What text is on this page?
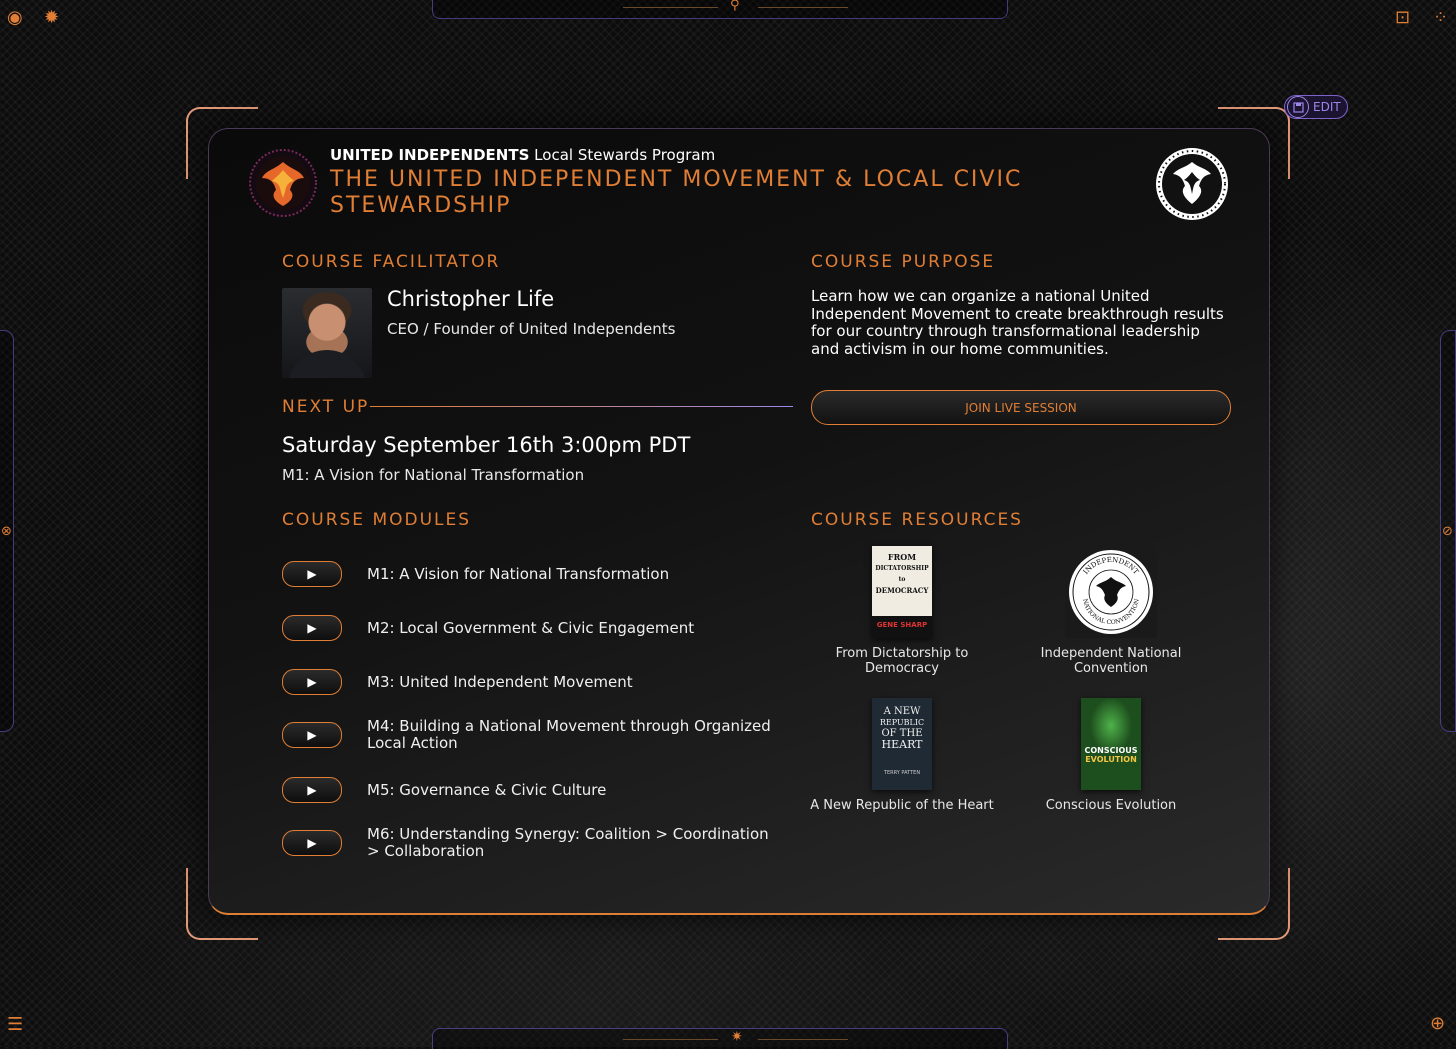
◉ ✹	⊡ ⁘
☰	⊕
⚲
✷
⊗	⊘
EDIT
UNITED INDEPENDENTS Local Stewards Program
THE UNITED INDEPENDENT MOVEMENT & LOCAL CIVIC STEWARDSHIP
COURSE FACILITATOR
Christopher Life
CEO / Founder of United Independents
NEXT UP
Saturday September 16th 3:00pm PDT
M1: A Vision for National Transformation
COURSE PURPOSE
Learn how we can organize a national United Independent Movement to create breakthrough results for our country through transformational leadership and activism in our home communities.
JOIN LIVE SESSION
COURSE MODULES
▶	M1: A Vision for National Transformation
▶	M2: Local Government & Civic Engagement
▶	M3: United Independent Movement
▶	M4: Building a National Movement through Organized Local Action
▶	M5: Governance & Civic Culture
▶	M6: Understanding Synergy: Coalition > Coordination > Collaboration
COURSE RESOURCES
FROM
DICTATORSHIP
to
DEMOCRACY
GENE SHARP
From Dictatorship to Democracy
INDEPENDENT
NATIONAL CONVENTION
Independent National Convention
A NEW
REPUBLIC
OF THE
HEART
TERRY PATTEN
A New Republic of the Heart
CONSCIOUS
EVOLUTION
Conscious Evolution
